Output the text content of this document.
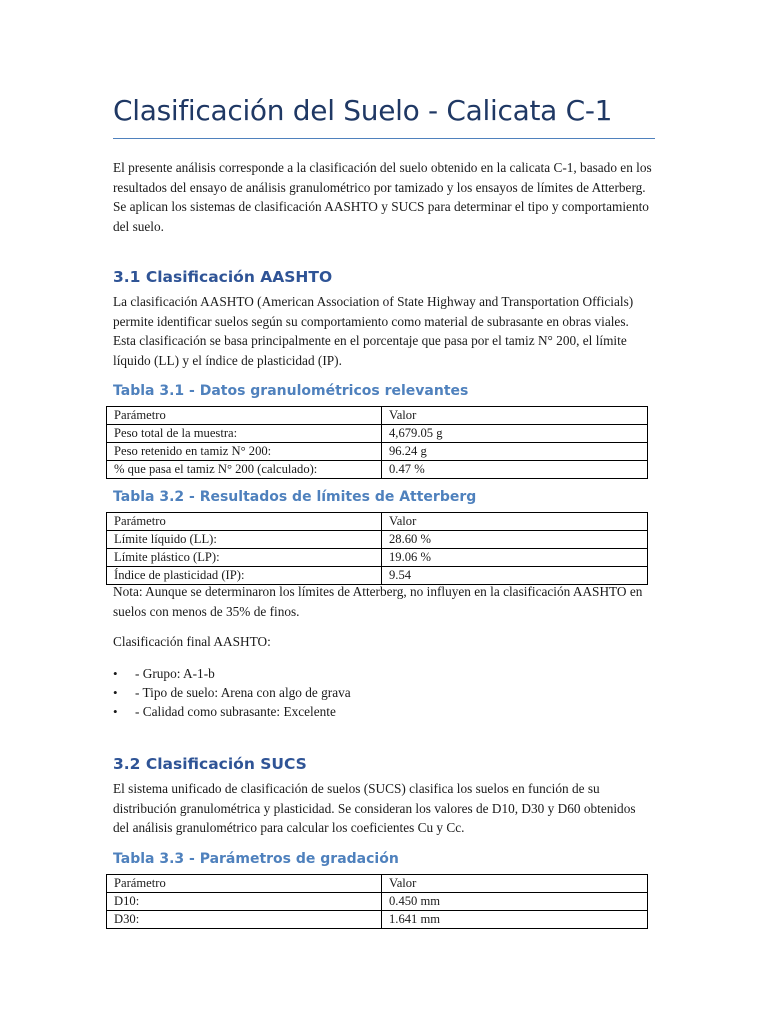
Clasificación del Suelo - Calicata C-1

El presente análisis corresponde a la clasificación del suelo obtenido en la calicata C-1, basado en los resultados del ensayo de análisis granulométrico por tamizado y los ensayos de límites de Atterberg. Se aplican los sistemas de clasificación AASHTO y SUCS para determinar el tipo y comportamiento del suelo.

3.1 Clasificación AASHTO

La clasificación AASHTO (American Association of State Highway and Transportation Officials) permite identificar suelos según su comportamiento como material de subrasante en obras viales. Esta clasificación se basa principalmente en el porcentaje que pasa por el tamiz N° 200, el límite líquido (LL) y el índice de plasticidad (IP).

Tabla 3.1 - Datos granulométricos relevantes
Parámetro	Valor
Peso total de la muestra:	4,679.05 g
Peso retenido en tamiz N° 200:	96.24 g
% que pasa el tamiz N° 200 (calculado):	0.47 %
Tabla 3.2 - Resultados de límites de Atterberg
Parámetro	Valor
Límite líquido (LL):	28.60 %
Límite plástico (LP):	19.06 %
Índice de plasticidad (IP):	9.54

Nota: Aunque se determinaron los límites de Atterberg, no influyen en la clasificación AASHTO en suelos con menos de 35% de finos.

Clasificación final AASHTO:

• - Grupo: A-1-b
• - Tipo de suelo: Arena con algo de grava
• - Calidad como subrasante: Excelente
3.2 Clasificación SUCS

El sistema unificado de clasificación de suelos (SUCS) clasifica los suelos en función de su distribución granulométrica y plasticidad. Se consideran los valores de D10, D30 y D60 obtenidos del análisis granulométrico para calcular los coeficientes Cu y Cc.

Tabla 3.3 - Parámetros de gradación
Parámetro	Valor
D10:	0.450 mm
D30:	1.641 mm
